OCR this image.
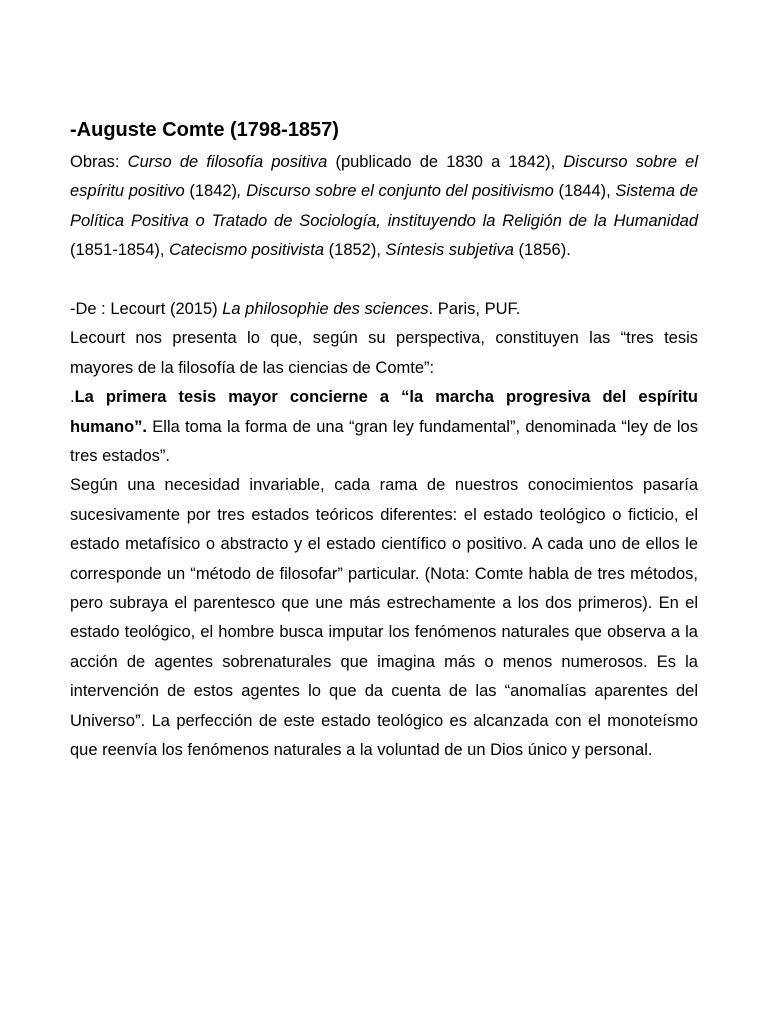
-Auguste Comte (1798-1857)

Obras: Curso de filosofía positiva (publicado de 1830 a 1842), Discurso sobre el espíritu positivo (1842), Discurso sobre el conjunto del positivismo (1844), Sistema de Política Positiva o Tratado de Sociología, instituyendo la Religión de la Humanidad (1851-1854), Catecismo positivista (1852), Síntesis subjetiva (1856).

-De : Lecourt (2015) La philosophie des sciences. Paris, PUF.

Lecourt nos presenta lo que, según su perspectiva, constituyen las “tres tesis mayores de la filosofía de las ciencias de Comte”:

.La primera tesis mayor concierne a “la marcha progresiva del espíritu humano”. Ella toma la forma de una “gran ley fundamental”, denominada “ley de los tres estados”.

Según una necesidad invariable, cada rama de nuestros conocimientos pasaría sucesivamente por tres estados teóricos diferentes: el estado teológico o ficticio, el estado metafísico o abstracto y el estado científico o positivo. A cada uno de ellos le corresponde un “método de filosofar” particular. (Nota: Comte habla de tres métodos, pero subraya el parentesco que une más estrechamente a los dos primeros). En el estado teológico, el hombre busca imputar los fenómenos naturales que observa a la acción de agentes sobrenaturales que imagina más o menos numerosos. Es la intervención de estos agentes lo que da cuenta de las “anomalías aparentes del Universo”. La perfección de este estado teológico es alcanzada con el monoteísmo que reenvía los fenómenos naturales a la voluntad de un Dios único y personal.
